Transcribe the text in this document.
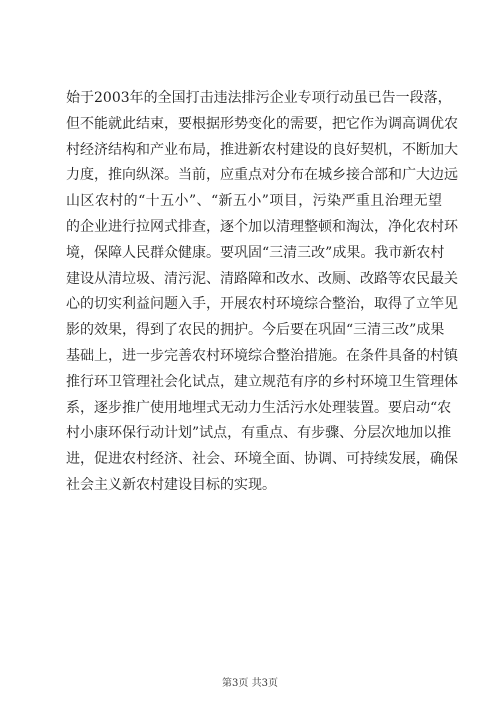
始于2003年的全国打击违法排污企业专项行动虽已告一段落，
但不能就此结束，要根据形势变化的需要，把它作为调高调优农
村经济结构和产业布局，推进新农村建设的良好契机，不断加大
力度，推向纵深。当前，应重点对分布在城乡接合部和广大边远
山区农村的“十五小”、“新五小”项目，污染严重且治理无望
的企业进行拉网式排查，逐个加以清理整顿和淘汰，净化农村环
境，保障人民群众健康。要巩固“三清三改”成果。我市新农村
建设从清垃圾、清污泥、清路障和改水、改厕、改路等农民最关
心的切实利益问题入手，开展农村环境综合整治，取得了立竿见
影的效果，得到了农民的拥护。今后要在巩固“三清三改”成果
基础上，进一步完善农村环境综合整治措施。在条件具备的村镇
推行环卫管理社会化试点，建立规范有序的乡村环境卫生管理体
系，逐步推广使用地埋式无动力生活污水处理装置。要启动“农
村小康环保行动计划”试点，有重点、有步骤、分层次地加以推
进，促进农村经济、社会、环境全面、协调、可持续发展，确保
社会主义新农村建设目标的实现。
第3页 共3页
